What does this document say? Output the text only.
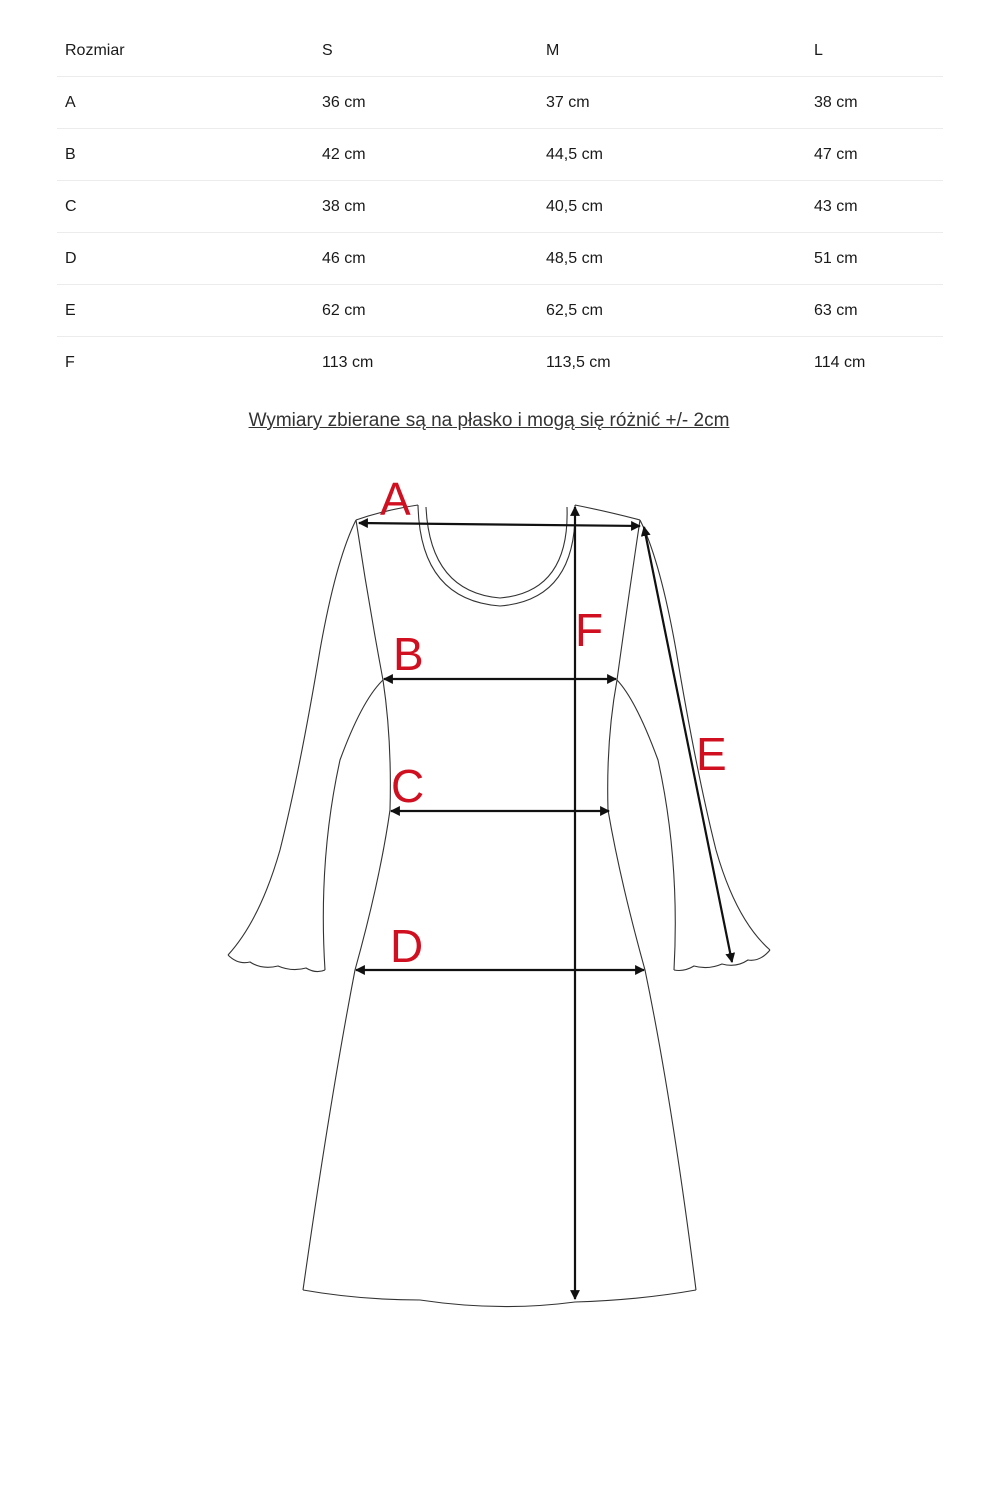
Rozmiar	S	M	L
A	36 cm	37 cm	38 cm
B	42 cm	44,5 cm	47 cm
C	38 cm	40,5 cm	43 cm
D	46 cm	48,5 cm	51 cm
E	62 cm	62,5 cm	63 cm
F	113 cm	113,5 cm	114 cm
Wymiary zbierane są na płasko i mogą się różnić +/- 2cm
A
B
C
D
E
F
